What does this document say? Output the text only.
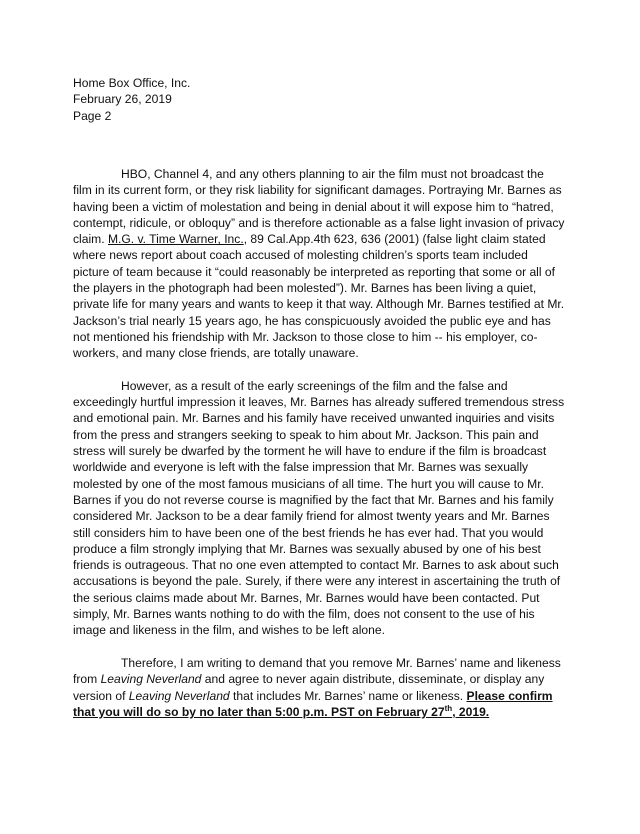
Home Box Office, Inc.
February 26, 2019
Page 2

HBO, Channel 4, and any others planning to air the film must not broadcast the film in its current form, or they risk liability for significant damages. Portraying Mr. Barnes as having been a victim of molestation and being in denial about it will expose him to “hatred, contempt, ridicule, or obloquy” and is therefore actionable as a false light invasion of privacy claim. M.G. v. Time Warner, Inc., 89 Cal.App.4th 623, 636 (2001) (false light claim stated where news report about coach accused of molesting children’s sports team included picture of team because it “could reasonably be interpreted as reporting that some or all of the players in the photograph had been molested”). Mr. Barnes has been living a quiet, private life for many years and wants to keep it that way. Although Mr. Barnes testified at Mr. Jackson’s trial nearly 15 years ago, he has conspicuously avoided the public eye and has not mentioned his friendship with Mr. Jackson to those close to him -- his employer, co-workers, and many close friends, are totally unaware.

However, as a result of the early screenings of the film and the false and exceedingly hurtful impression it leaves, Mr. Barnes has already suffered tremendous stress and emotional pain. Mr. Barnes and his family have received unwanted inquiries and visits from the press and strangers seeking to speak to him about Mr. Jackson. This pain and stress will surely be dwarfed by the torment he will have to endure if the film is broadcast worldwide and everyone is left with the false impression that Mr. Barnes was sexually molested by one of the most famous musicians of all time. The hurt you will cause to Mr. Barnes if you do not reverse course is magnified by the fact that Mr. Barnes and his family considered Mr. Jackson to be a dear family friend for almost twenty years and Mr. Barnes still considers him to have been one of the best friends he has ever had. That you would produce a film strongly implying that Mr. Barnes was sexually abused by one of his best friends is outrageous. That no one even attempted to contact Mr. Barnes to ask about such accusations is beyond the pale. Surely, if there were any interest in ascertaining the truth of the serious claims made about Mr. Barnes, Mr. Barnes would have been contacted. Put simply, Mr. Barnes wants nothing to do with the film, does not consent to the use of his image and likeness in the film, and wishes to be left alone.

Therefore, I am writing to demand that you remove Mr. Barnes’ name and likeness from Leaving Neverland and agree to never again distribute, disseminate, or display any version of Leaving Neverland that includes Mr. Barnes’ name or likeness. Please confirm that you will do so by no later than 5:00 p.m. PST on February 27th, 2019.
